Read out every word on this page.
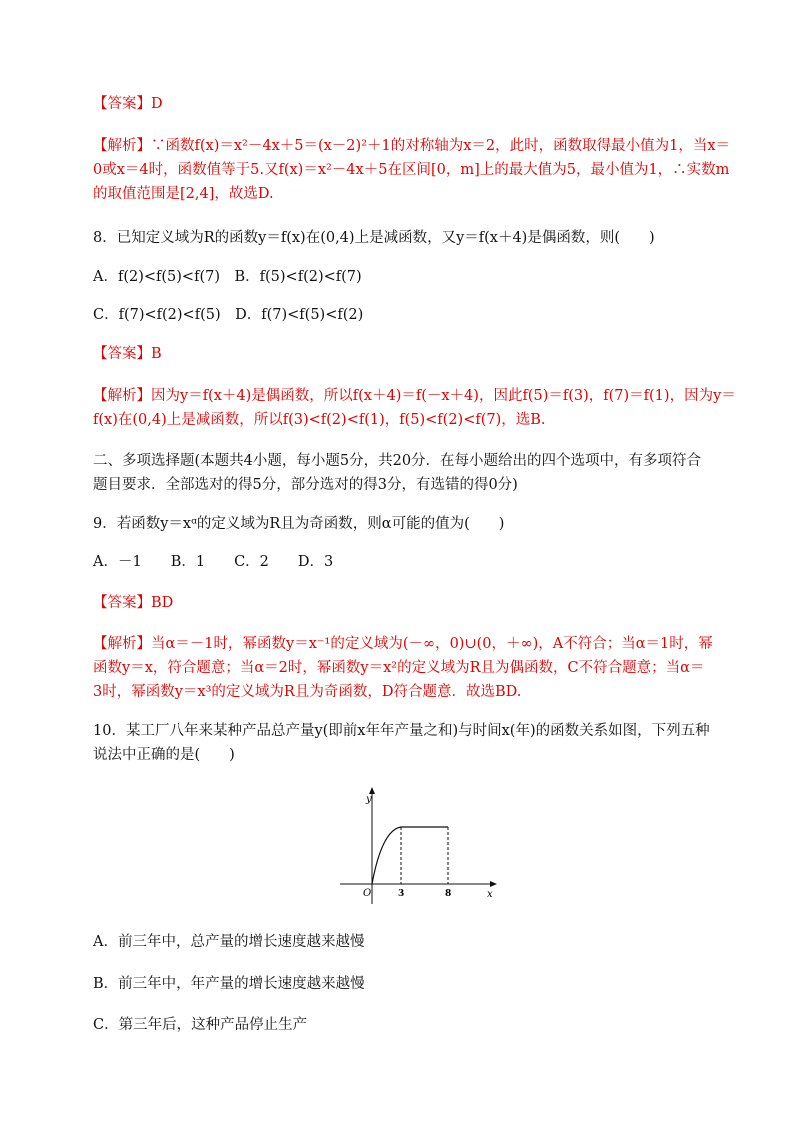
【答案】D
【解析】∵函数f(x)＝x²－4x＋5＝(x－2)²＋1的对称轴为x＝2，此时，函数取得最小值为1，当x＝
0或x＝4时，函数值等于5.又f(x)＝x²－4x＋5在区间[0，m]上的最大值为5，最小值为1，∴实数m
的取值范围是[2,4]，故选D.
8．已知定义域为R的函数y＝f(x)在(0,4)上是减函数，又y＝f(x＋4)是偶函数，则(　　)
A．f(2)<f(5)<f(7)　B．f(5)<f(2)<f(7)
C．f(7)<f(2)<f(5)　D．f(7)<f(5)<f(2)
【答案】B
【解析】因为y＝f(x＋4)是偶函数，所以f(x＋4)＝f(－x＋4)，因此f(5)＝f(3)，f(7)＝f(1)，因为y＝
f(x)在(0,4)上是减函数，所以f(3)<f(2)<f(1)，f(5)<f(2)<f(7)，选B.
二、多项选择题(本题共4小题，每小题5分，共20分．在每小题给出的四个选项中，有多项符合
题目要求．全部选对的得5分，部分选对的得3分，有选错的得0分)
9．若函数y＝xᵅ的定义域为R且为奇函数，则α可能的值为(　　)
A．－1　　B．1　　C．2　　D．3
【答案】BD
【解析】当α＝－1时，幂函数y＝x⁻¹的定义域为(－∞，0)∪(0，＋∞)，A不符合；当α＝1时，幂
函数y＝x，符合题意；当α＝2时，幂函数y＝x²的定义域为R且为偶函数，C不符合题意；当α＝
3时，幂函数y＝x³的定义域为R且为奇函数，D符合题意．故选BD.
10．某工厂八年来某种产品总产量y(即前x年年产量之和)与时间x(年)的函数关系如图，下列五种
说法中正确的是(　　)
y
x
O	3	8
A．前三年中，总产量的增长速度越来越慢
B．前三年中，年产量的增长速度越来越慢
C．第三年后，这种产品停止生产
